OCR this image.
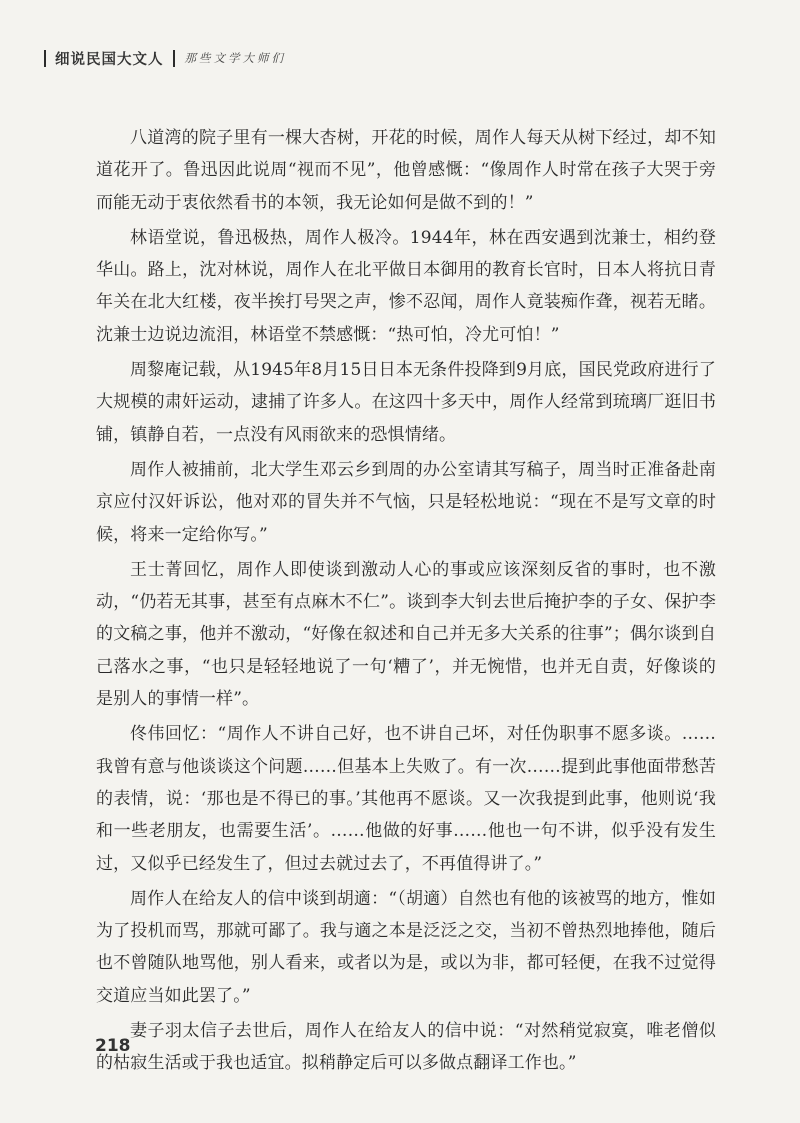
细说民国大文人 那些文学大师们

八道湾的院子里有一棵大杏树，开花的时候，周作人每天从树下经过，却不知道花开了。鲁迅因此说周“视而不见”，他曾感慨：“像周作人时常在孩子大哭于旁而能无动于衷依然看书的本领，我无论如何是做不到的！”

林语堂说，鲁迅极热，周作人极冷。1944年，林在西安遇到沈兼士，相约登华山。路上，沈对林说，周作人在北平做日本御用的教育长官时，日本人将抗日青年关在北大红楼，夜半挨打号哭之声，惨不忍闻，周作人竟装痴作聋，视若无睹。沈兼士边说边流泪，林语堂不禁感慨：“热可怕，冷尤可怕！”

周黎庵记载，从1945年8月15日日本无条件投降到9月底，国民党政府进行了大规模的肃奸运动，逮捕了许多人。在这四十多天中，周作人经常到琉璃厂逛旧书铺，镇静自若，一点没有风雨欲来的恐惧情绪。

周作人被捕前，北大学生邓云乡到周的办公室请其写稿子，周当时正准备赴南京应付汉奸诉讼，他对邓的冒失并不气恼，只是轻松地说：“现在不是写文章的时候，将来一定给你写。”

王士菁回忆，周作人即使谈到激动人心的事或应该深刻反省的事时，也不激动，“仍若无其事，甚至有点麻木不仁”。谈到李大钊去世后掩护李的子女、保护李的文稿之事，他并不激动，“好像在叙述和自己并无多大关系的往事”；偶尔谈到自己落水之事，“也只是轻轻地说了一句‘糟了’，并无惋惜，也并无自责，好像谈的是别人的事情一样”。

佟伟回忆：“周作人不讲自己好，也不讲自己坏，对任伪职事不愿多谈。……我曾有意与他谈谈这个问题……但基本上失败了。有一次……提到此事他面带愁苦的表情，说：‘那也是不得已的事。’其他再不愿谈。又一次我提到此事，他则说‘我和一些老朋友，也需要生活’。……他做的好事……他也一句不讲，似乎没有发生过，又似乎已经发生了，但过去就过去了，不再值得讲了。”

周作人在给友人的信中谈到胡適：“（胡適）自然也有他的该被骂的地方，惟如为了投机而骂，那就可鄙了。我与適之本是泛泛之交，当初不曾热烈地捧他，随后也不曾随队地骂他，别人看来，或者以为是，或以为非，都可轻便，在我不过觉得交道应当如此罢了。”

妻子羽太信子去世后，周作人在给友人的信中说：“对然稍觉寂寞，唯老僧似的枯寂生活或于我也适宜。拟稍静定后可以多做点翻译工作也。”

218
